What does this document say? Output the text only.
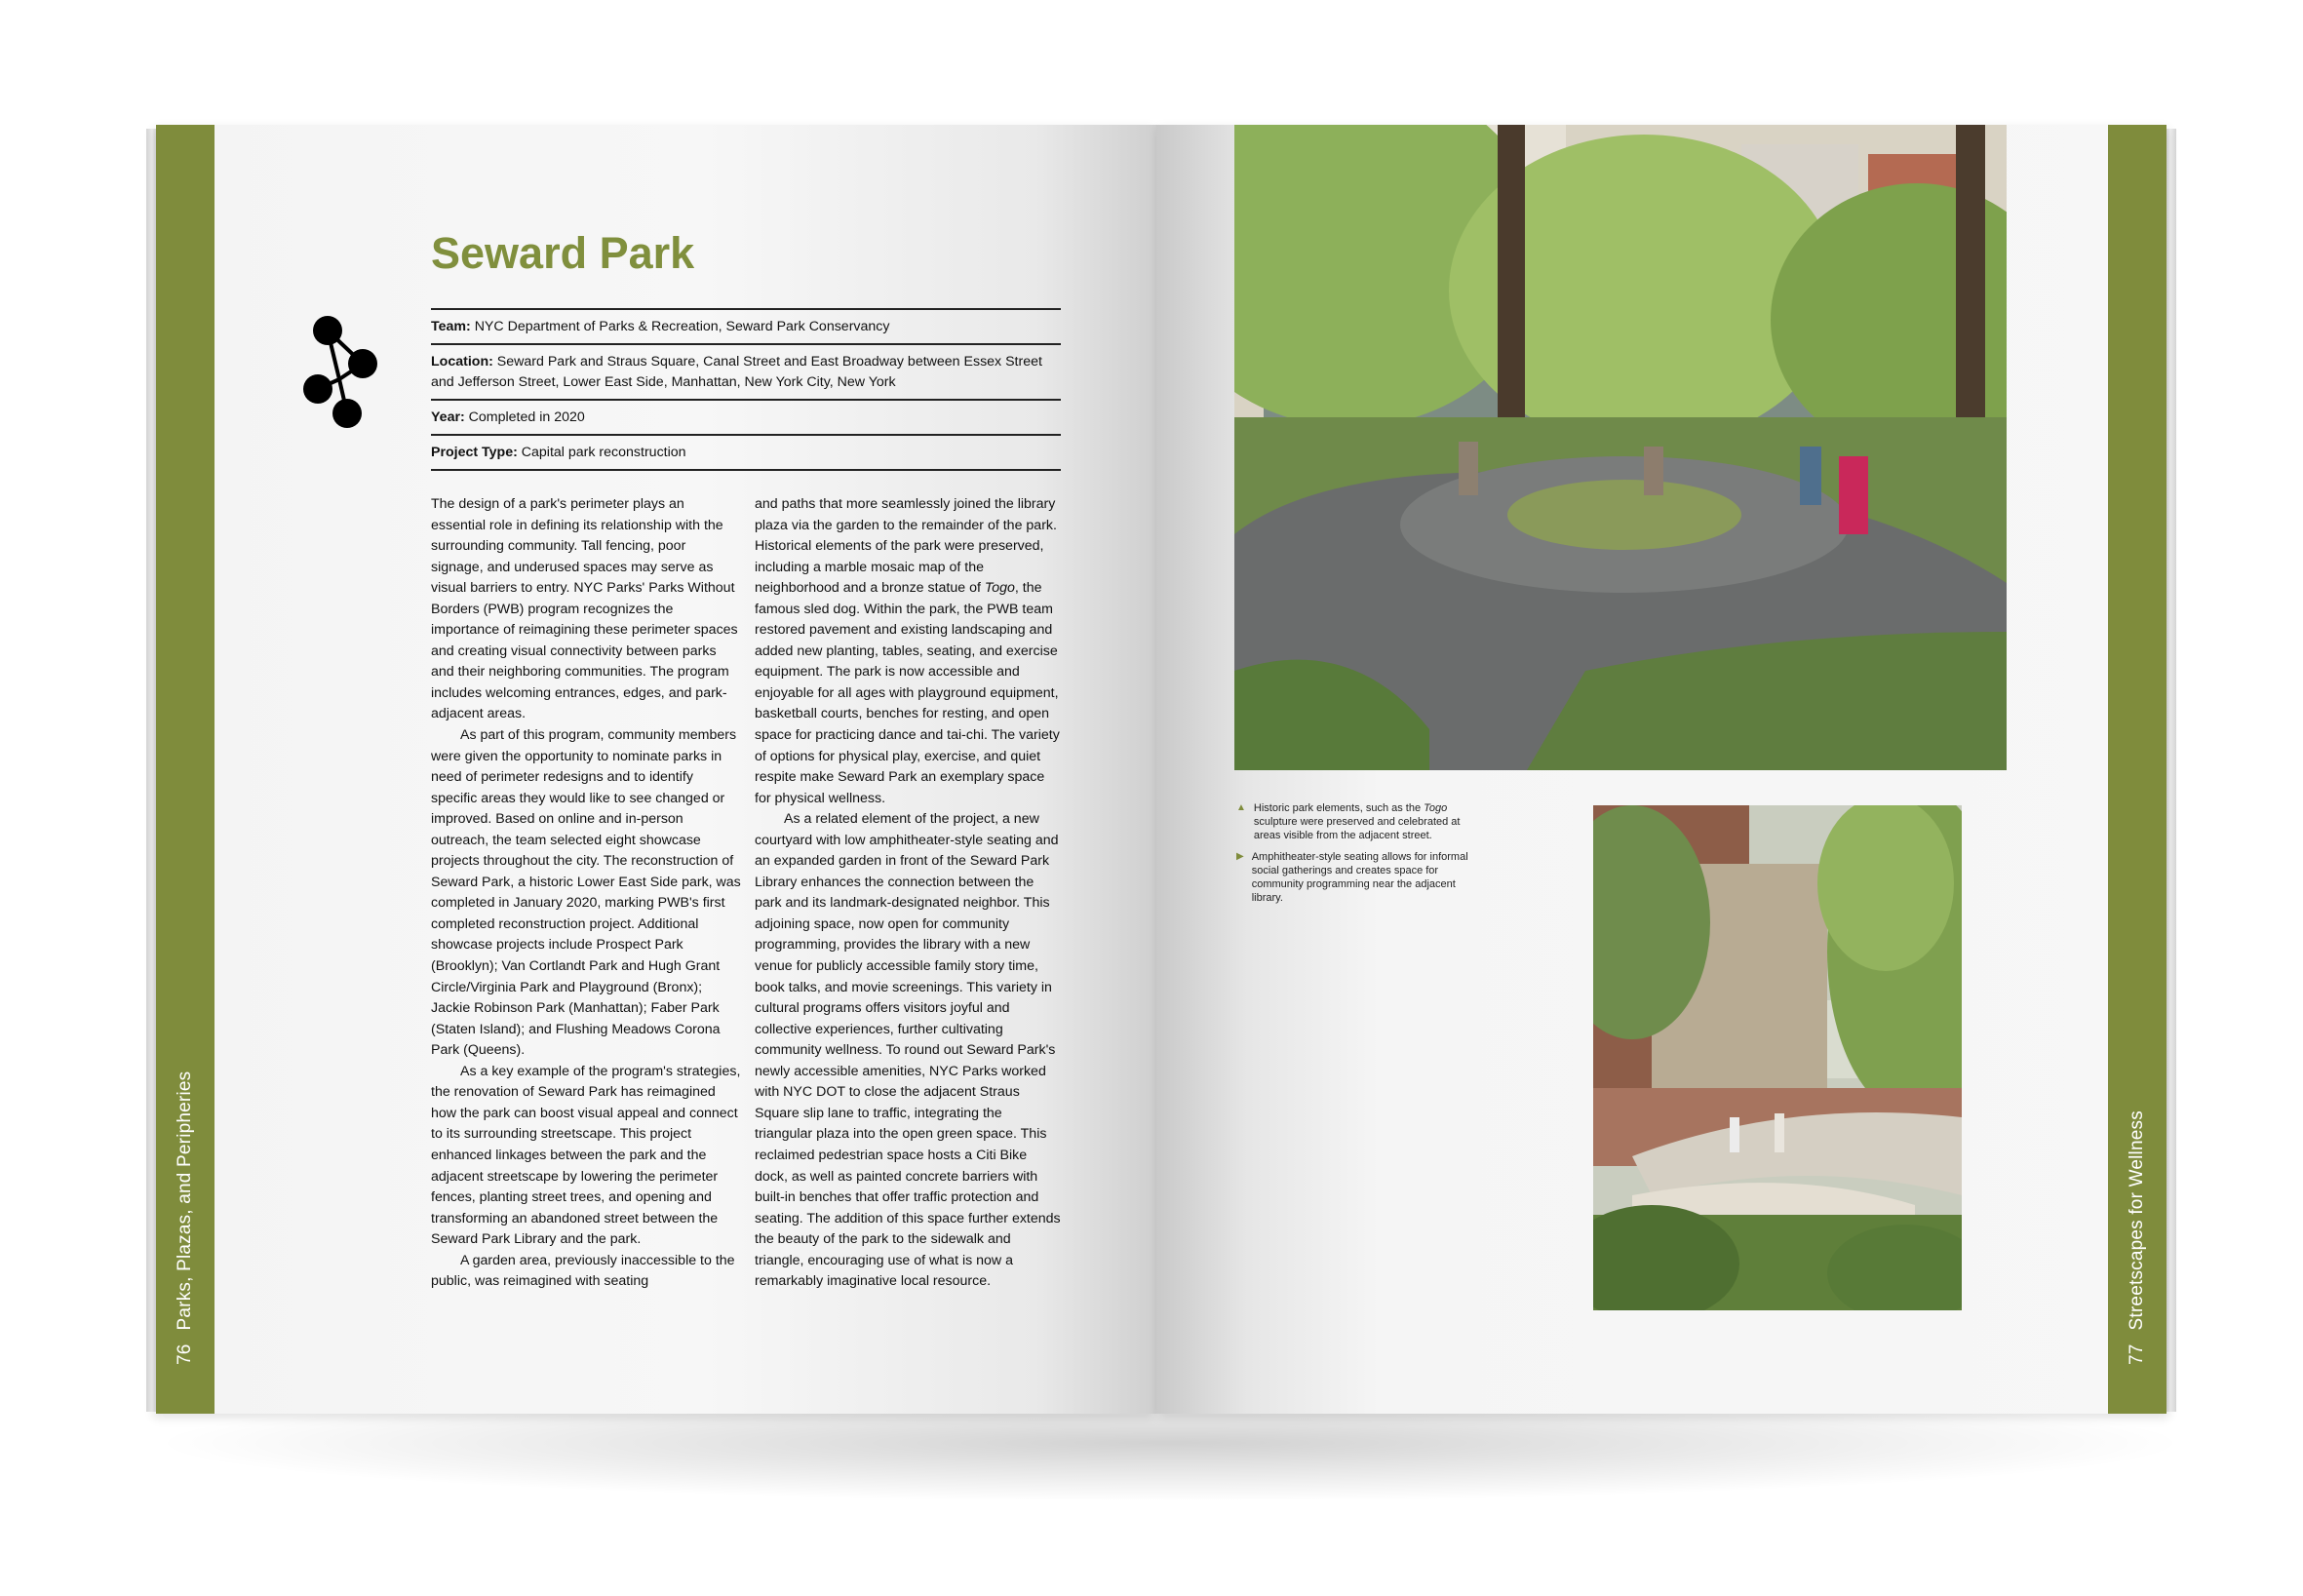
76
Parks, Plazas, and Peripheries
Seward Park
Team: NYC Department of Parks & Recreation, Seward Park Conservancy
Location: Seward Park and Straus Square, Canal Street and East Broadway between Essex Street and Jefferson Street, Lower East Side, Manhattan, New York City, New York
Year: Completed in 2020
Project Type: Capital park reconstruction

The design of a park's perimeter plays an essential role in defining its relationship with the surrounding community. Tall fencing, poor signage, and underused spaces may serve as visual barriers to entry. NYC Parks' Parks Without Borders (PWB) program recognizes the importance of reimagining these perimeter spaces and creating visual connectivity between parks and their neighboring communities. The program includes welcoming entrances, edges, and park-adjacent areas.

As part of this program, community members were given the opportunity to nominate parks in need of perimeter redesigns and to identify specific areas they would like to see changed or improved. Based on online and in-person outreach, the team selected eight showcase projects throughout the city. The reconstruction of Seward Park, a historic Lower East Side park, was completed in January 2020, marking PWB's first completed reconstruction project. Additional showcase projects include Prospect Park (Brooklyn); Van Cortlandt Park and Hugh Grant Circle/Virginia Park and Playground (Bronx); Jackie Robinson Park (Manhattan); Faber Park (Staten Island); and Flushing Meadows Corona Park (Queens).

As a key example of the program's strategies, the renovation of Seward Park has reimagined how the park can boost visual appeal and connect to its surrounding streetscape. This project enhanced linkages between the park and the adjacent streetscape by lowering the perimeter fences, planting street trees, and opening and transforming an abandoned street between the Seward Park Library and the park.

A garden area, previously inaccessible to the public, was reimagined with seating

and paths that more seamlessly joined the library plaza via the garden to the remainder of the park. Historical elements of the park were preserved, including a marble mosaic map of the neighborhood and a bronze statue of Togo, the famous sled dog. Within the park, the PWB team restored pavement and existing landscaping and added new planting, tables, seating, and exercise equipment. The park is now accessible and enjoyable for all ages with playground equipment, basketball courts, benches for resting, and open space for practicing dance and tai-chi. The variety of options for physical play, exercise, and quiet respite make Seward Park an exemplary space for physical wellness.

As a related element of the project, a new courtyard with low amphitheater-style seating and an expanded garden in front of the Seward Park Library enhances the connection between the park and its landmark-designated neighbor. This adjoining space, now open for community programming, provides the library with a new venue for publicly accessible family story time, book talks, and movie screenings. This variety in cultural programs offers visitors joyful and collective experiences, further cultivating community wellness. To round out Seward Park's newly accessible amenities, NYC Parks worked with NYC DOT to close the adjacent Straus Square slip lane to traffic, integrating the triangular plaza into the open green space. This reclaimed pedestrian space hosts a Citi Bike dock, as well as painted concrete barriers with built-in benches that offer traffic protection and seating. The addition of this space further extends the beauty of the park to the sidewalk and triangle, encouraging use of what is now a remarkably imaginative local resource.

▲ Historic park elements, such as the Togo sculpture were preserved and celebrated at areas visible from the adjacent street.
▶ Amphitheater-style seating allows for informal social gatherings and creates space for community programming near the adjacent library.
77
Streetscapes for Wellness
